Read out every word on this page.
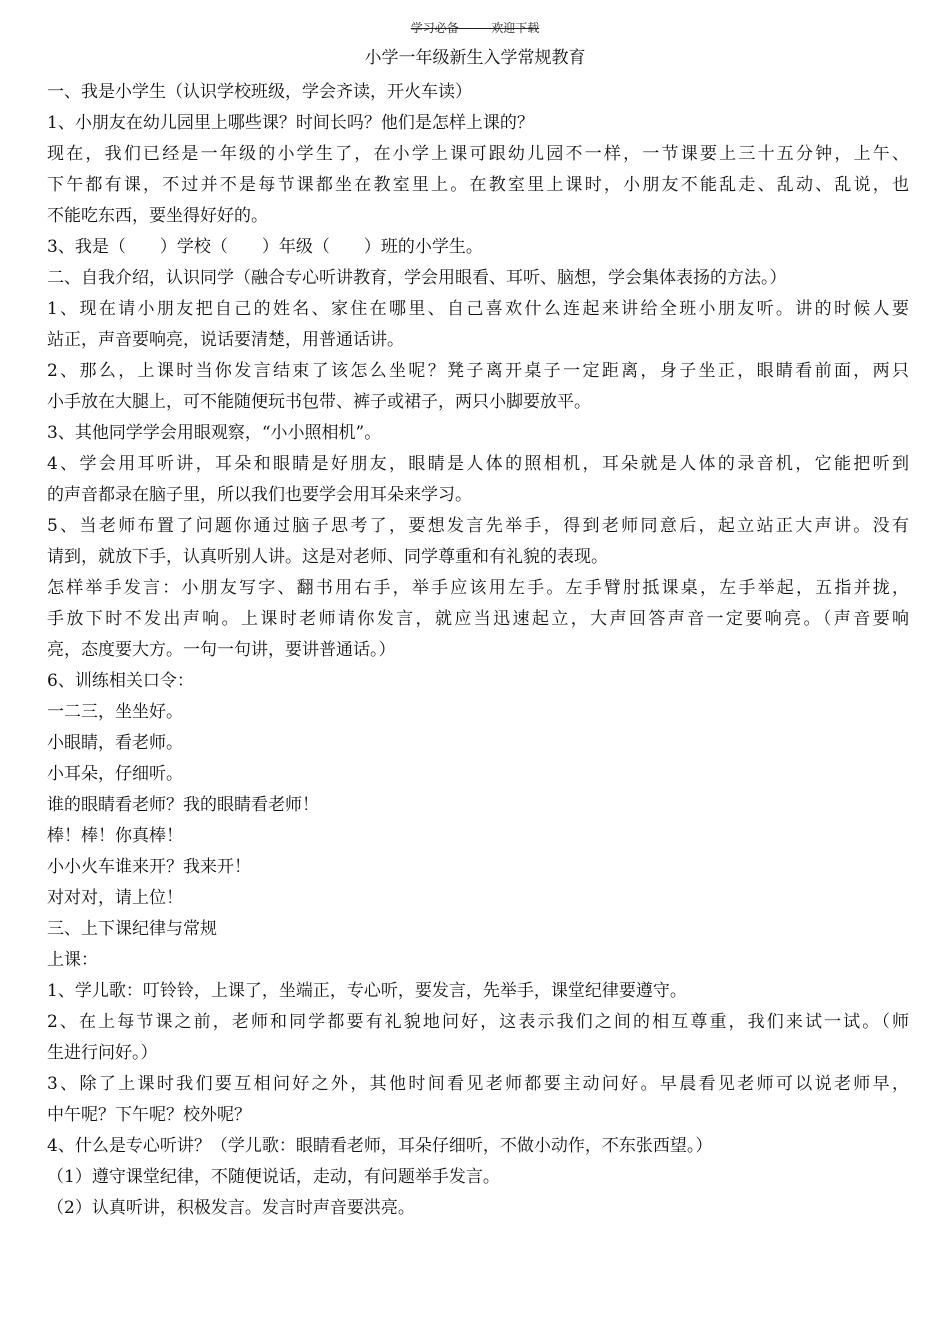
学习必备--------欢迎下载
小学一年级新生入学常规教育
一、我是小学生（认识学校班级，学会齐读，开火车读）
1、小朋友在幼儿园里上哪些课？时间长吗？他们是怎样上课的？
现在，我们已经是一年级的小学生了，在小学上课可跟幼儿园不一样，一节课要上三十五分钟，上午、
下午都有课，不过并不是每节课都坐在教室里上。在教室里上课时，小朋友不能乱走、乱动、乱说，也
不能吃东西，要坐得好好的。
3、我是（　　）学校（　　）年级（　　）班的小学生。
二、自我介绍，认识同学（融合专心听讲教育，学会用眼看、耳听、脑想，学会集体表扬的方法。）
1、现在请小朋友把自己的姓名、家住在哪里、自己喜欢什么连起来讲给全班小朋友听。讲的时候人要
站正，声音要响亮，说话要清楚，用普通话讲。
2、那么，上课时当你发言结束了该怎么坐呢？凳子离开桌子一定距离，身子坐正，眼睛看前面，两只
小手放在大腿上，可不能随便玩书包带、裤子或裙子，两只小脚要放平。
3、其他同学学会用眼观察，“小小照相机”。
4、学会用耳听讲，耳朵和眼睛是好朋友，眼睛是人体的照相机，耳朵就是人体的录音机，它能把听到
的声音都录在脑子里，所以我们也要学会用耳朵来学习。
5、当老师布置了问题你通过脑子思考了，要想发言先举手，得到老师同意后，起立站正大声讲。没有
请到，就放下手，认真听别人讲。这是对老师、同学尊重和有礼貌的表现。
怎样举手发言：小朋友写字、翻书用右手，举手应该用左手。左手臂肘抵课桌，左手举起，五指并拢，
手放下时不发出声响。上课时老师请你发言，就应当迅速起立，大声回答声音一定要响亮。（声音要响
亮，态度要大方。一句一句讲，要讲普通话。）
6、训练相关口令：
一二三，坐坐好。
小眼睛，看老师。
小耳朵，仔细听。
谁的眼睛看老师？我的眼睛看老师！
棒！棒！你真棒！
小小火车谁来开？我来开！
对对对，请上位！
三、上下课纪律与常规
上课：
1、学儿歌：叮铃铃，上课了，坐端正，专心听，要发言，先举手，课堂纪律要遵守。
2、在上每节课之前，老师和同学都要有礼貌地问好，这表示我们之间的相互尊重，我们来试一试。（师
生进行问好。）
3、除了上课时我们要互相问好之外，其他时间看见老师都要主动问好。早晨看见老师可以说老师早，
中午呢？下午呢？校外呢？
4、什么是专心听讲？（学儿歌：眼睛看老师，耳朵仔细听，不做小动作，不东张西望。）
（1）遵守课堂纪律，不随便说话，走动，有问题举手发言。
（2）认真听讲，积极发言。发言时声音要洪亮。
